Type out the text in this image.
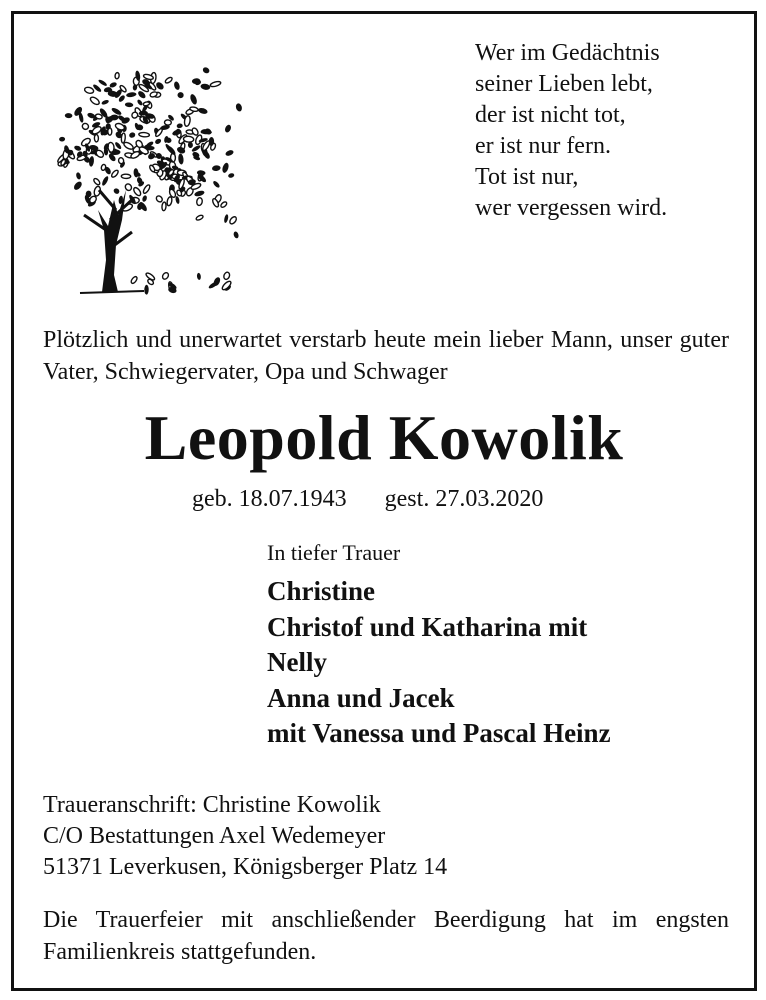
Wer im Gedächtnis
seiner Lieben lebt,
der ist nicht tot,
er ist nur fern.
Tot ist nur,
wer vergessen wird.
Plötzlich und unerwartet verstarb heute mein lieber Mann, unser guter Vater, Schwiegervater, Opa und Schwager
Leopold Kowolik
geb. 18.07.1943 gest. 27.03.2020
In tiefer Trauer
Christine
Christof und Katharina mit
Nelly
Anna und Jacek
mit Vanessa und Pascal Heinz
Traueranschrift: Christine Kowolik
C/O Bestattungen Axel Wedemeyer
51371 Leverkusen, Königsberger Platz 14
Die Trauerfeier mit anschließender Beerdigung hat im engsten Familienkreis stattgefunden.
